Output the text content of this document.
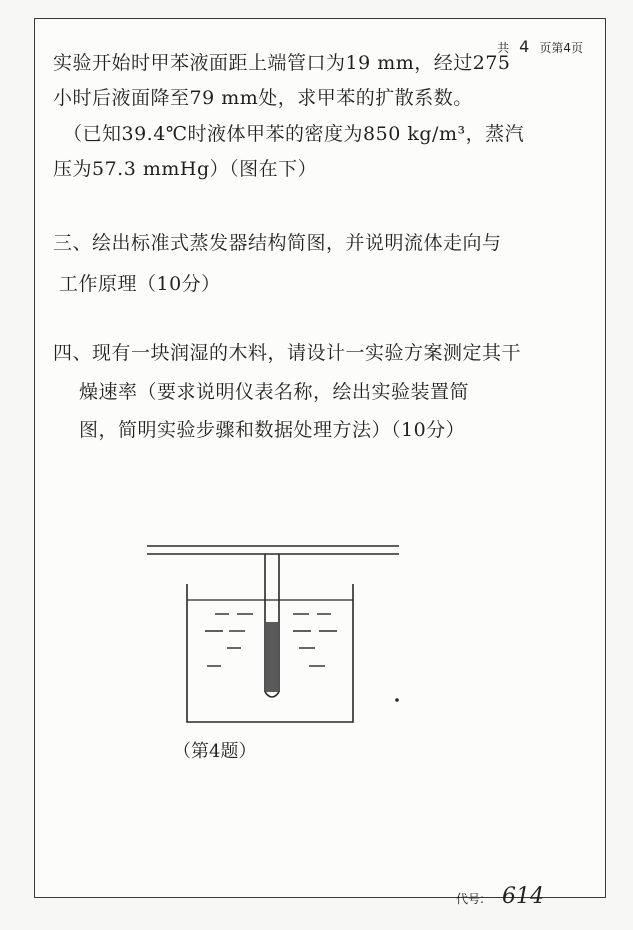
共 4 页第4页
实验开始时甲苯液面距上端管口为19 mm，经过275
小时后液面降至79 mm处，求甲苯的扩散系数。
（已知39.4℃时液体甲苯的密度为850 kg/m³，蒸汽
压为57.3 mmHg）（图在下）
三、绘出标准式蒸发器结构简图，并说明流体走向与
工作原理（10分）
四、现有一块润湿的木料，请设计一实验方案测定其干
燥速率（要求说明仪表名称，绘出实验装置简
图，简明实验步骤和数据处理方法）（10分）
（第4题）
代号: 614
